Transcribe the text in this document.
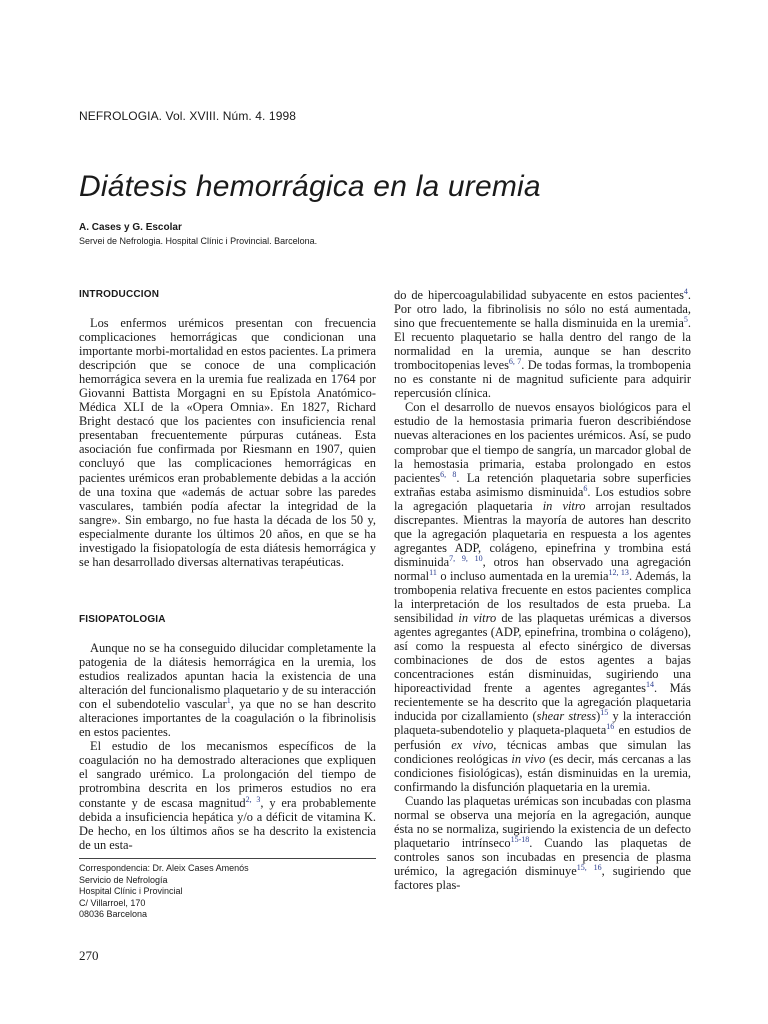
NEFROLOGIA. Vol. XVIII. Núm. 4. 1998
Diátesis hemorrágica en la uremia
A. Cases y G. Escolar
Servei de Nefrologia. Hospital Clínic i Provincial. Barcelona.
INTRODUCCION

Los enfermos urémicos presentan con frecuencia complicaciones hemorrágicas que condicionan una importante morbi-mortalidad en estos pacientes. La primera descripción que se conoce de una complicación hemorrágica severa en la uremia fue realizada en 1764 por Giovanni Battista Morgagni en su Epístola Anatómico-Médica XLI de la «Opera Omnia». En 1827, Richard Bright destacó que los pacientes con insuficiencia renal presentaban frecuentemente púrpuras cutáneas. Esta asociación fue confirmada por Riesmann en 1907, quien concluyó que las complicaciones hemorrágicas en pacientes urémicos eran probablemente debidas a la acción de una toxina que «además de actuar sobre las paredes vasculares, también podía afectar la integridad de la sangre». Sin embargo, no fue hasta la década de los 50 y, especialmente durante los últimos 20 años, en que se ha investigado la fisiopatología de esta diátesis hemorrágica y se han desarrollado diversas alternativas terapéuticas.

FISIOPATOLOGIA

Aunque no se ha conseguido dilucidar completamente la patogenia de la diátesis hemorrágica en la uremia, los estudios realizados apuntan hacia la existencia de una alteración del funcionalismo plaquetario y de su interacción con el subendotelio vascular$^1$, ya que no se han descrito alteraciones importantes de la coagulación o la fibrinolisis en estos pacientes.

El estudio de los mecanismos específicos de la coagulación no ha demostrado alteraciones que expliquen el sangrado urémico. La prolongación del tiempo de protrombina descrita en los primeros estudios no era constante y de escasa magnitud$^{2, 3}$, y era probablemente debida a insuficiencia hepática y/o a déficit de vitamina K. De hecho, en los últimos años se ha descrito la existencia de un esta-

do de hipercoagulabilidad subyacente en estos pacientes$^4$. Por otro lado, la fibrinolisis no sólo no está aumentada, sino que frecuentemente se halla disminuida en la uremia$^5$. El recuento plaquetario se halla dentro del rango de la normalidad en la uremia, aunque se han descrito trombocitopenias leves$^{6, 7}$. De todas formas, la trombopenia no es constante ni de magnitud suficiente para adquirir repercusión clínica.

Con el desarrollo de nuevos ensayos biológicos para el estudio de la hemostasia primaria fueron describiéndose nuevas alteraciones en los pacientes urémicos. Así, se pudo comprobar que el tiempo de sangría, un marcador global de la hemostasia primaria, estaba prolongado en estos pacientes$^{6, 8}$. La retención plaquetaria sobre superficies extrañas estaba asimismo disminuida$^6$. Los estudios sobre la agregación plaquetaria in vitro arrojan resultados discrepantes. Mientras la mayoría de autores han descrito que la agregación plaquetaria en respuesta a los agentes agregantes ADP, colágeno, epinefrina y trombina está disminuida$^{7, 9, 10}$, otros han observado una agregación normal$^{11}$ o incluso aumentada en la uremia$^{12, 13}$. Además, la trombopenia relativa frecuente en estos pacientes complica la interpretación de los resultados de esta prueba. La sensibilidad in vitro de las plaquetas urémicas a diversos agentes agregantes (ADP, epinefrina, trombina o colágeno), así como la respuesta al efecto sinérgico de diversas combinaciones de dos de estos agentes a bajas concentraciones están disminuidas, sugiriendo una hiporeactividad frente a agentes agregantes$^{14}$. Más recientemente se ha descrito que la agregación plaquetaria inducida por cizallamiento (shear stress)$^{15}$ y la interacción plaqueta-subendotelio y plaqueta-plaqueta$^{16}$ en estudios de perfusión ex vivo, técnicas ambas que simulan las condiciones reológicas in vivo (es decir, más cercanas a las condiciones fisiológicas), están disminuidas en la uremia, confirmando la disfunción plaquetaria en la uremia.

Cuando las plaquetas urémicas son incubadas con plasma normal se observa una mejoría en la agregación, aunque ésta no se normaliza, sugiriendo la existencia de un defecto plaquetario intrínseco$^{15-18}$. Cuando las plaquetas de controles sanos son incubadas en presencia de plasma urémico, la agregación disminuye$^{15, 16}$, sugiriendo que factores plas-

Correspondencia: Dr. Aleix Cases Amenós
Servicio de Nefrología
Hospital Clínic i Provincial
C/ Villarroel, 170
08036 Barcelona
270
